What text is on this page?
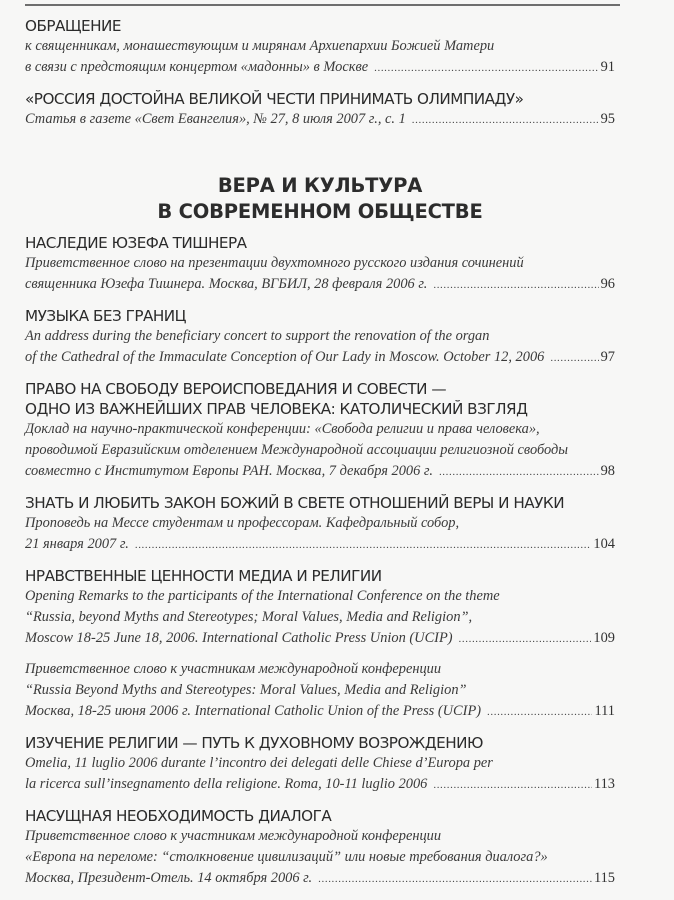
ОБРАЩЕНИЕ
к священникам, монашествующим и мирянам Архиепархии Божией Матери
в связи с предстоящим концертом «мадонны» в Москве .....	91
«РОССИЯ ДОСТОЙНА ВЕЛИКОЙ ЧЕСТИ ПРИНИМАТЬ ОЛИМПИАДУ»
Статья в газете «Свет Евангелия», № 27, 8 июля 2007 г., с. 1 .....	95
ВЕРА И КУЛЬТУРА
В СОВРЕМЕННОМ ОБЩЕСТВЕ
НАСЛЕДИЕ ЮЗЕФА ТИШНЕРА
Приветственное слово на презентации двухтомного русского издания сочинений
священника Юзефа Тишнера. Москва, ВГБИЛ, 28 февраля 2006 г. .....	96
МУЗЫКА БЕЗ ГРАНИЦ
An address during the beneficiary concert to support the renovation of the organ
of the Cathedral of the Immaculate Conception of Our Lady in Moscow. October 12, 2006 .....	97
ПРАВО НА СВОБОДУ ВЕРОИСПОВЕДАНИЯ И СОВЕСТИ —
ОДНО ИЗ ВАЖНЕЙШИХ ПРАВ ЧЕЛОВЕКА: КАТОЛИЧЕСКИЙ ВЗГЛЯД
Доклад на научно-практической конференции: «Свобода религии и права человека»,
проводимой Евразийским отделением Международной ассоциации религиозной свободы
совместно с Институтом Европы РАН. Москва, 7 декабря 2006 г. .....	98
ЗНАТЬ И ЛЮБИТЬ ЗАКОН БОЖИЙ В СВЕТЕ ОТНОШЕНИЙ ВЕРЫ И НАУКИ
Проповедь на Мессе студентам и профессорам. Кафедральный собор,
21 января 2007 г. .....	104
НРАВСТВЕННЫЕ ЦЕННОСТИ МЕДИА И РЕЛИГИИ
Opening Remarks to the participants of the International Conference on the theme
“Russia, beyond Myths and Stereotypes; Moral Values, Media and Religion”,
Moscow 18-25 June 18, 2006. International Catholic Press Union (UCIP) .....	109
Приветственное слово к участникам международной конференции
“Russia Beyond Myths and Stereotypes: Moral Values, Media and Religion”
Москва, 18-25 июня 2006 г. International Catholic Union of the Press (UCIP) .....	111
ИЗУЧЕНИЕ РЕЛИГИИ — ПУТЬ К ДУХОВНОМУ ВОЗРОЖДЕНИЮ
Omelia, 11 luglio 2006 durante l’incontro dei delegati delle Chiese d’Europa per
la ricerca sull’insegnamento della religione. Roma, 10-11 luglio 2006 .....	113
НАСУЩНАЯ НЕОБХОДИМОСТЬ ДИАЛОГА
Приветственное слово к участникам международной конференции
«Европа на переломе: “столкновение цивилизаций” или новые требования диалога?»
Москва, Президент-Отель. 14 октября 2006 г. .....	115
